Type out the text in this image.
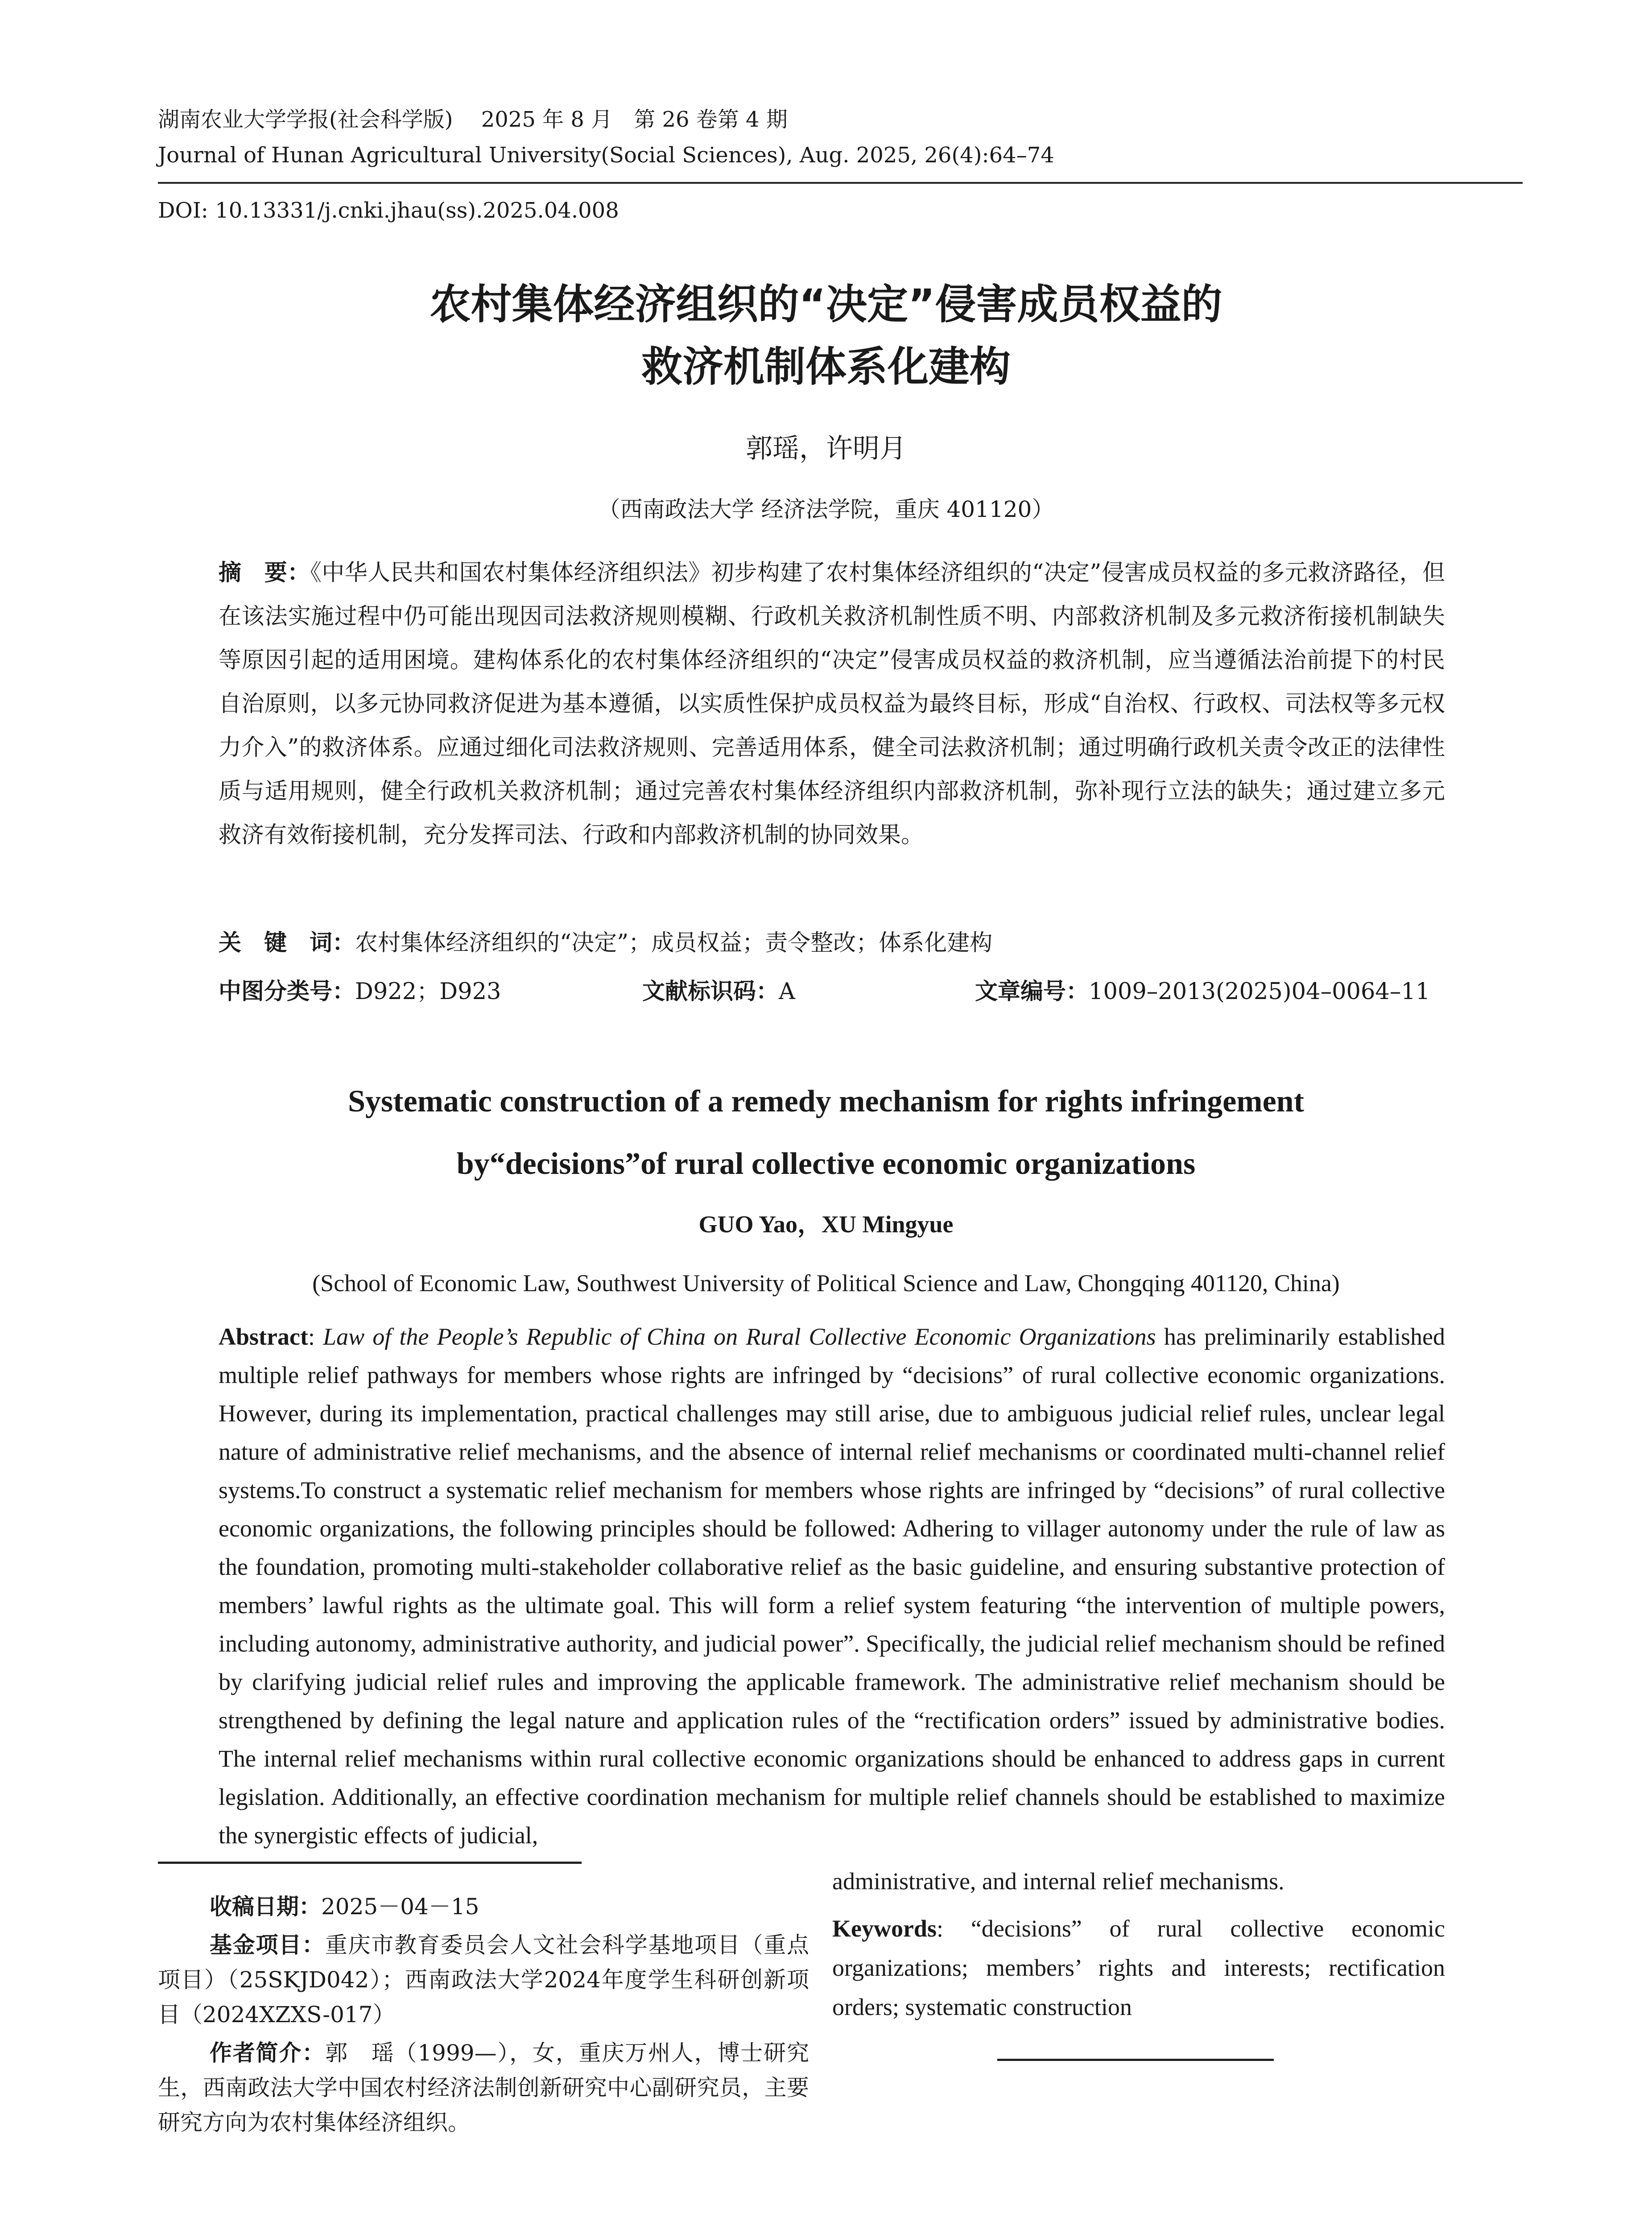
湖南农业大学学报(社会科学版)　 2025 年 8 月　第 26 卷第 4 期
Journal of Hunan Agricultural University(Social Sciences), Aug. 2025, 26(4):64–74
DOI: 10.13331/j.cnki.jhau(ss).2025.04.008
农村集体经济组织的“决定”侵害成员权益的
救济机制体系化建构
郭瑶，许明月
（西南政法大学 经济法学院，重庆 401120）
摘　要：《中华人民共和国农村集体经济组织法》初步构建了农村集体经济组织的“决定”侵害成员权益的多元救济路径，但在该法实施过程中仍可能出现因司法救济规则模糊、行政机关救济机制性质不明、内部救济机制及多元救济衔接机制缺失等原因引起的适用困境。建构体系化的农村集体经济组织的“决定”侵害成员权益的救济机制，应当遵循法治前提下的村民自治原则，以多元协同救济促进为基本遵循，以实质性保护成员权益为最终目标，形成“自治权、行政权、司法权等多元权力介入”的救济体系。应通过细化司法救济规则、完善适用体系，健全司法救济机制；通过明确行政机关责令改正的法律性质与适用规则，健全行政机关救济机制；通过完善农村集体经济组织内部救济机制，弥补现行立法的缺失；通过建立多元救济有效衔接机制，充分发挥司法、行政和内部救济机制的协同效果。
关　键　词：农村集体经济组织的“决定”；成员权益；责令整改；体系化建构
中图分类号：D922；D923	文献标识码：A	文章编号：1009–2013(2025)04–0064–11
Systematic construction of a remedy mechanism for rights infringement
by“decisions”of rural collective economic organizations
GUO Yao，XU Mingyue
(School of Economic Law, Southwest University of Political Science and Law, Chongqing 401120, China)
Abstract: Law of the People’s Republic of China on Rural Collective Economic Organizations has preliminarily established multiple relief pathways for members whose rights are infringed by “decisions” of rural collective economic organizations. However, during its implementation, practical challenges may still arise, due to ambiguous judicial relief rules, unclear legal nature of administrative relief mechanisms, and the absence of internal relief mechanisms or coordinated multi-channel relief systems.To construct a systematic relief mechanism for members whose rights are infringed by “decisions” of rural collective economic organizations, the following principles should be followed: Adhering to villager autonomy under the rule of law as the foundation, promoting multi-stakeholder collaborative relief as the basic guideline, and ensuring substantive protection of members’ lawful rights as the ultimate goal. This will form a relief system featuring “the intervention of multiple powers, including autonomy, administrative authority, and judicial power”. Specifically, the judicial relief mechanism should be refined by clarifying judicial relief rules and improving the applicable framework. The administrative relief mechanism should be strengthened by defining the legal nature and application rules of the “rectification orders” issued by administrative bodies. The internal relief mechanisms within rural collective economic organizations should be enhanced to address gaps in current legislation. Additionally, an effective coordination mechanism for multiple relief channels should be established to maximize the synergistic effects of judicial,
administrative, and internal relief mechanisms.
Keywords: “decisions” of rural collective economic organizations; members’ rights and interests; rectification orders; systematic construction
收稿日期：2025－04－15
基金项目：重庆市教育委员会人文社会科学基地项目（重点项目）（25SKJD042）；西南政法大学2024年度学生科研创新项目（2024XZXS-017）
作者简介：郭　瑶（1999—），女，重庆万州人，博士研究生，西南政法大学中国农村经济法制创新研究中心副研究员，主要研究方向为农村集体经济组织。
